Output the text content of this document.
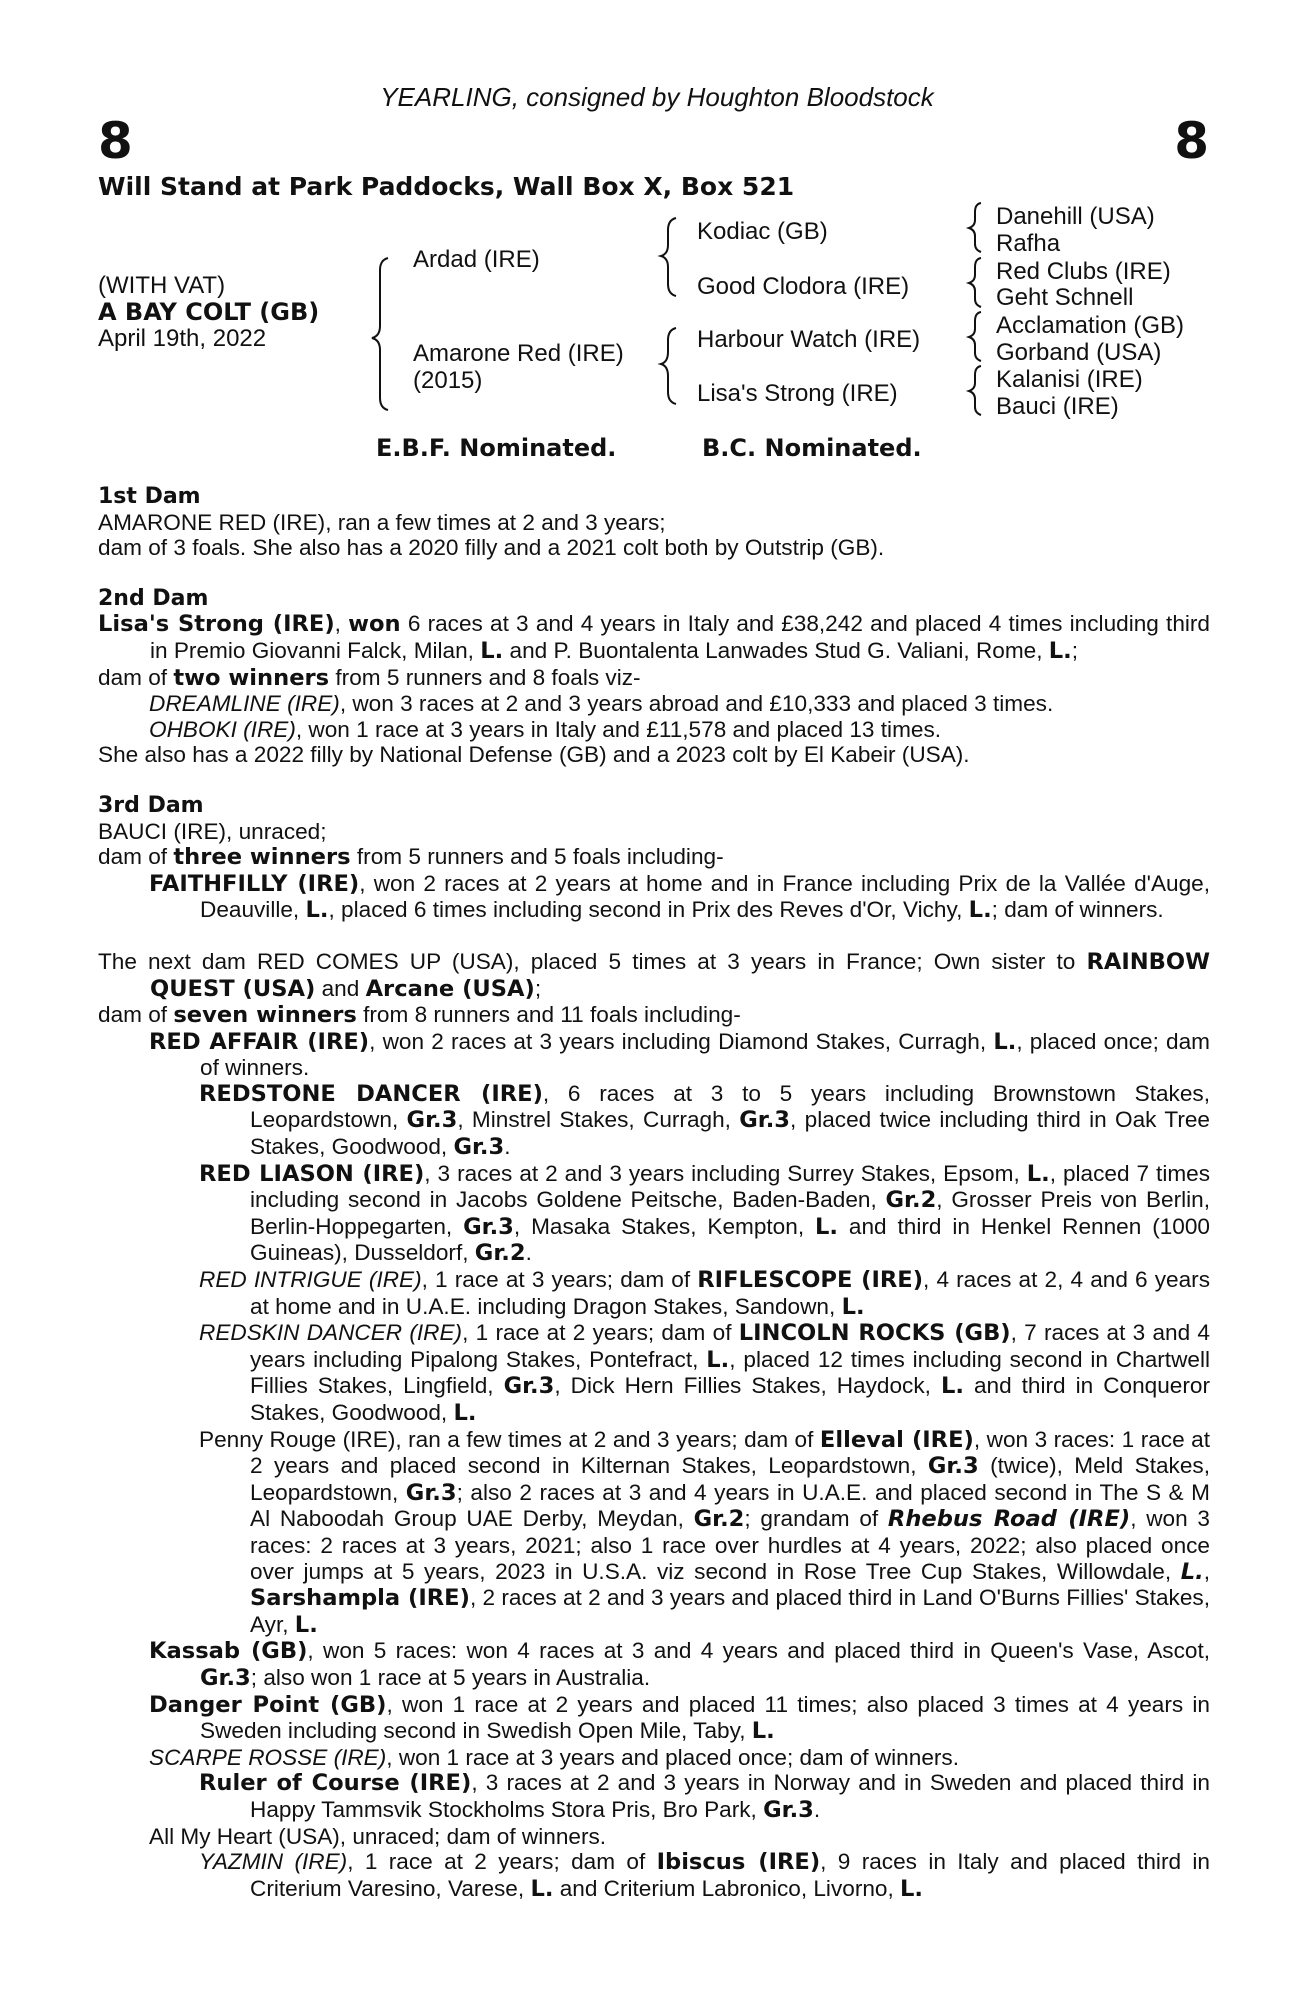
YEARLING, consigned by Houghton Bloodstock
8	8
Will Stand at Park Paddocks, Wall Box X, Box 521
(WITH VAT)
A BAY COLT (GB)
April 19th, 2022
Ardad (IRE)
Amarone Red (IRE)
(2015)
Kodiac (GB)
Good Clodora (IRE)
Harbour Watch (IRE)
Lisa's Strong (IRE)
Danehill (USA)
Rafha
Red Clubs (IRE)
Geht Schnell
Acclamation (GB)
Gorband (USA)
Kalanisi (IRE)
Bauci (IRE)
E.B.F. Nominated.	B.C. Nominated.

1st Dam

AMARONE RED (IRE), ran a few times at 2 and 3 years;

dam of 3 foals. She also has a 2020 filly and a 2021 colt both by Outstrip (GB).

2nd Dam

Lisa's Strong (IRE), won 6 races at 3 and 4 years in Italy and £38,242 and placed 4 times including third in Premio Giovanni Falck, Milan, L. and P. Buontalenta Lanwades Stud G. Valiani, Rome, L.;

dam of two winners from 5 runners and 8 foals viz-

DREAMLINE (IRE), won 3 races at 2 and 3 years abroad and £10,333 and placed 3 times.

OHBOKI (IRE), won 1 race at 3 years in Italy and £11,578 and placed 13 times.

She also has a 2022 filly by National Defense (GB) and a 2023 colt by El Kabeir (USA).

3rd Dam

BAUCI (IRE), unraced;

dam of three winners from 5 runners and 5 foals including-

FAITHFILLY (IRE), won 2 races at 2 years at home and in France including Prix de la Vallée d'Auge, Deauville, L., placed 6 times including second in Prix des Reves d'Or, Vichy, L.; dam of winners.

The next dam RED COMES UP (USA), placed 5 times at 3 years in France; Own sister to RAINBOW QUEST (USA) and Arcane (USA);

dam of seven winners from 8 runners and 11 foals including-

RED AFFAIR (IRE), won 2 races at 3 years including Diamond Stakes, Curragh, L., placed once; dam of winners.

REDSTONE DANCER (IRE), 6 races at 3 to 5 years including Brownstown Stakes, Leopardstown, Gr.3, Minstrel Stakes, Curragh, Gr.3, placed twice including third in Oak Tree Stakes, Goodwood, Gr.3.

RED LIASON (IRE), 3 races at 2 and 3 years including Surrey Stakes, Epsom, L., placed 7 times including second in Jacobs Goldene Peitsche, Baden-Baden, Gr.2, Grosser Preis von Berlin, Berlin-Hoppegarten, Gr.3, Masaka Stakes, Kempton, L. and third in Henkel Rennen (1000 Guineas), Dusseldorf, Gr.2.

RED INTRIGUE (IRE), 1 race at 3 years; dam of RIFLESCOPE (IRE), 4 races at 2, 4 and 6 years at home and in U.A.E. including Dragon Stakes, Sandown, L.

REDSKIN DANCER (IRE), 1 race at 2 years; dam of LINCOLN ROCKS (GB), 7 races at 3 and 4 years including Pipalong Stakes, Pontefract, L., placed 12 times including second in Chartwell Fillies Stakes, Lingfield, Gr.3, Dick Hern Fillies Stakes, Haydock, L. and third in Conqueror Stakes, Goodwood, L.

Penny Rouge (IRE), ran a few times at 2 and 3 years; dam of Elleval (IRE), won 3 races: 1 race at 2 years and placed second in Kilternan Stakes, Leopardstown, Gr.3 (twice), Meld Stakes, Leopardstown, Gr.3; also 2 races at 3 and 4 years in U.A.E. and placed second in The S & M Al Naboodah Group UAE Derby, Meydan, Gr.2; grandam of Rhebus Road (IRE), won 3 races: 2 races at 3 years, 2021; also 1 race over hurdles at 4 years, 2022; also placed once over jumps at 5 years, 2023 in U.S.A. viz second in Rose Tree Cup Stakes, Willowdale, L., Sarshampla (IRE), 2 races at 2 and 3 years and placed third in Land O'Burns Fillies' Stakes, Ayr, L.

Kassab (GB), won 5 races: won 4 races at 3 and 4 years and placed third in Queen's Vase, Ascot, Gr.3; also won 1 race at 5 years in Australia.

Danger Point (GB), won 1 race at 2 years and placed 11 times; also placed 3 times at 4 years in Sweden including second in Swedish Open Mile, Taby, L.

SCARPE ROSSE (IRE), won 1 race at 3 years and placed once; dam of winners.

Ruler of Course (IRE), 3 races at 2 and 3 years in Norway and in Sweden and placed third in Happy Tammsvik Stockholms Stora Pris, Bro Park, Gr.3.

All My Heart (USA), unraced; dam of winners.

YAZMIN (IRE), 1 race at 2 years; dam of Ibiscus (IRE), 9 races in Italy and placed third in Criterium Varesino, Varese, L. and Criterium Labronico, Livorno, L.
